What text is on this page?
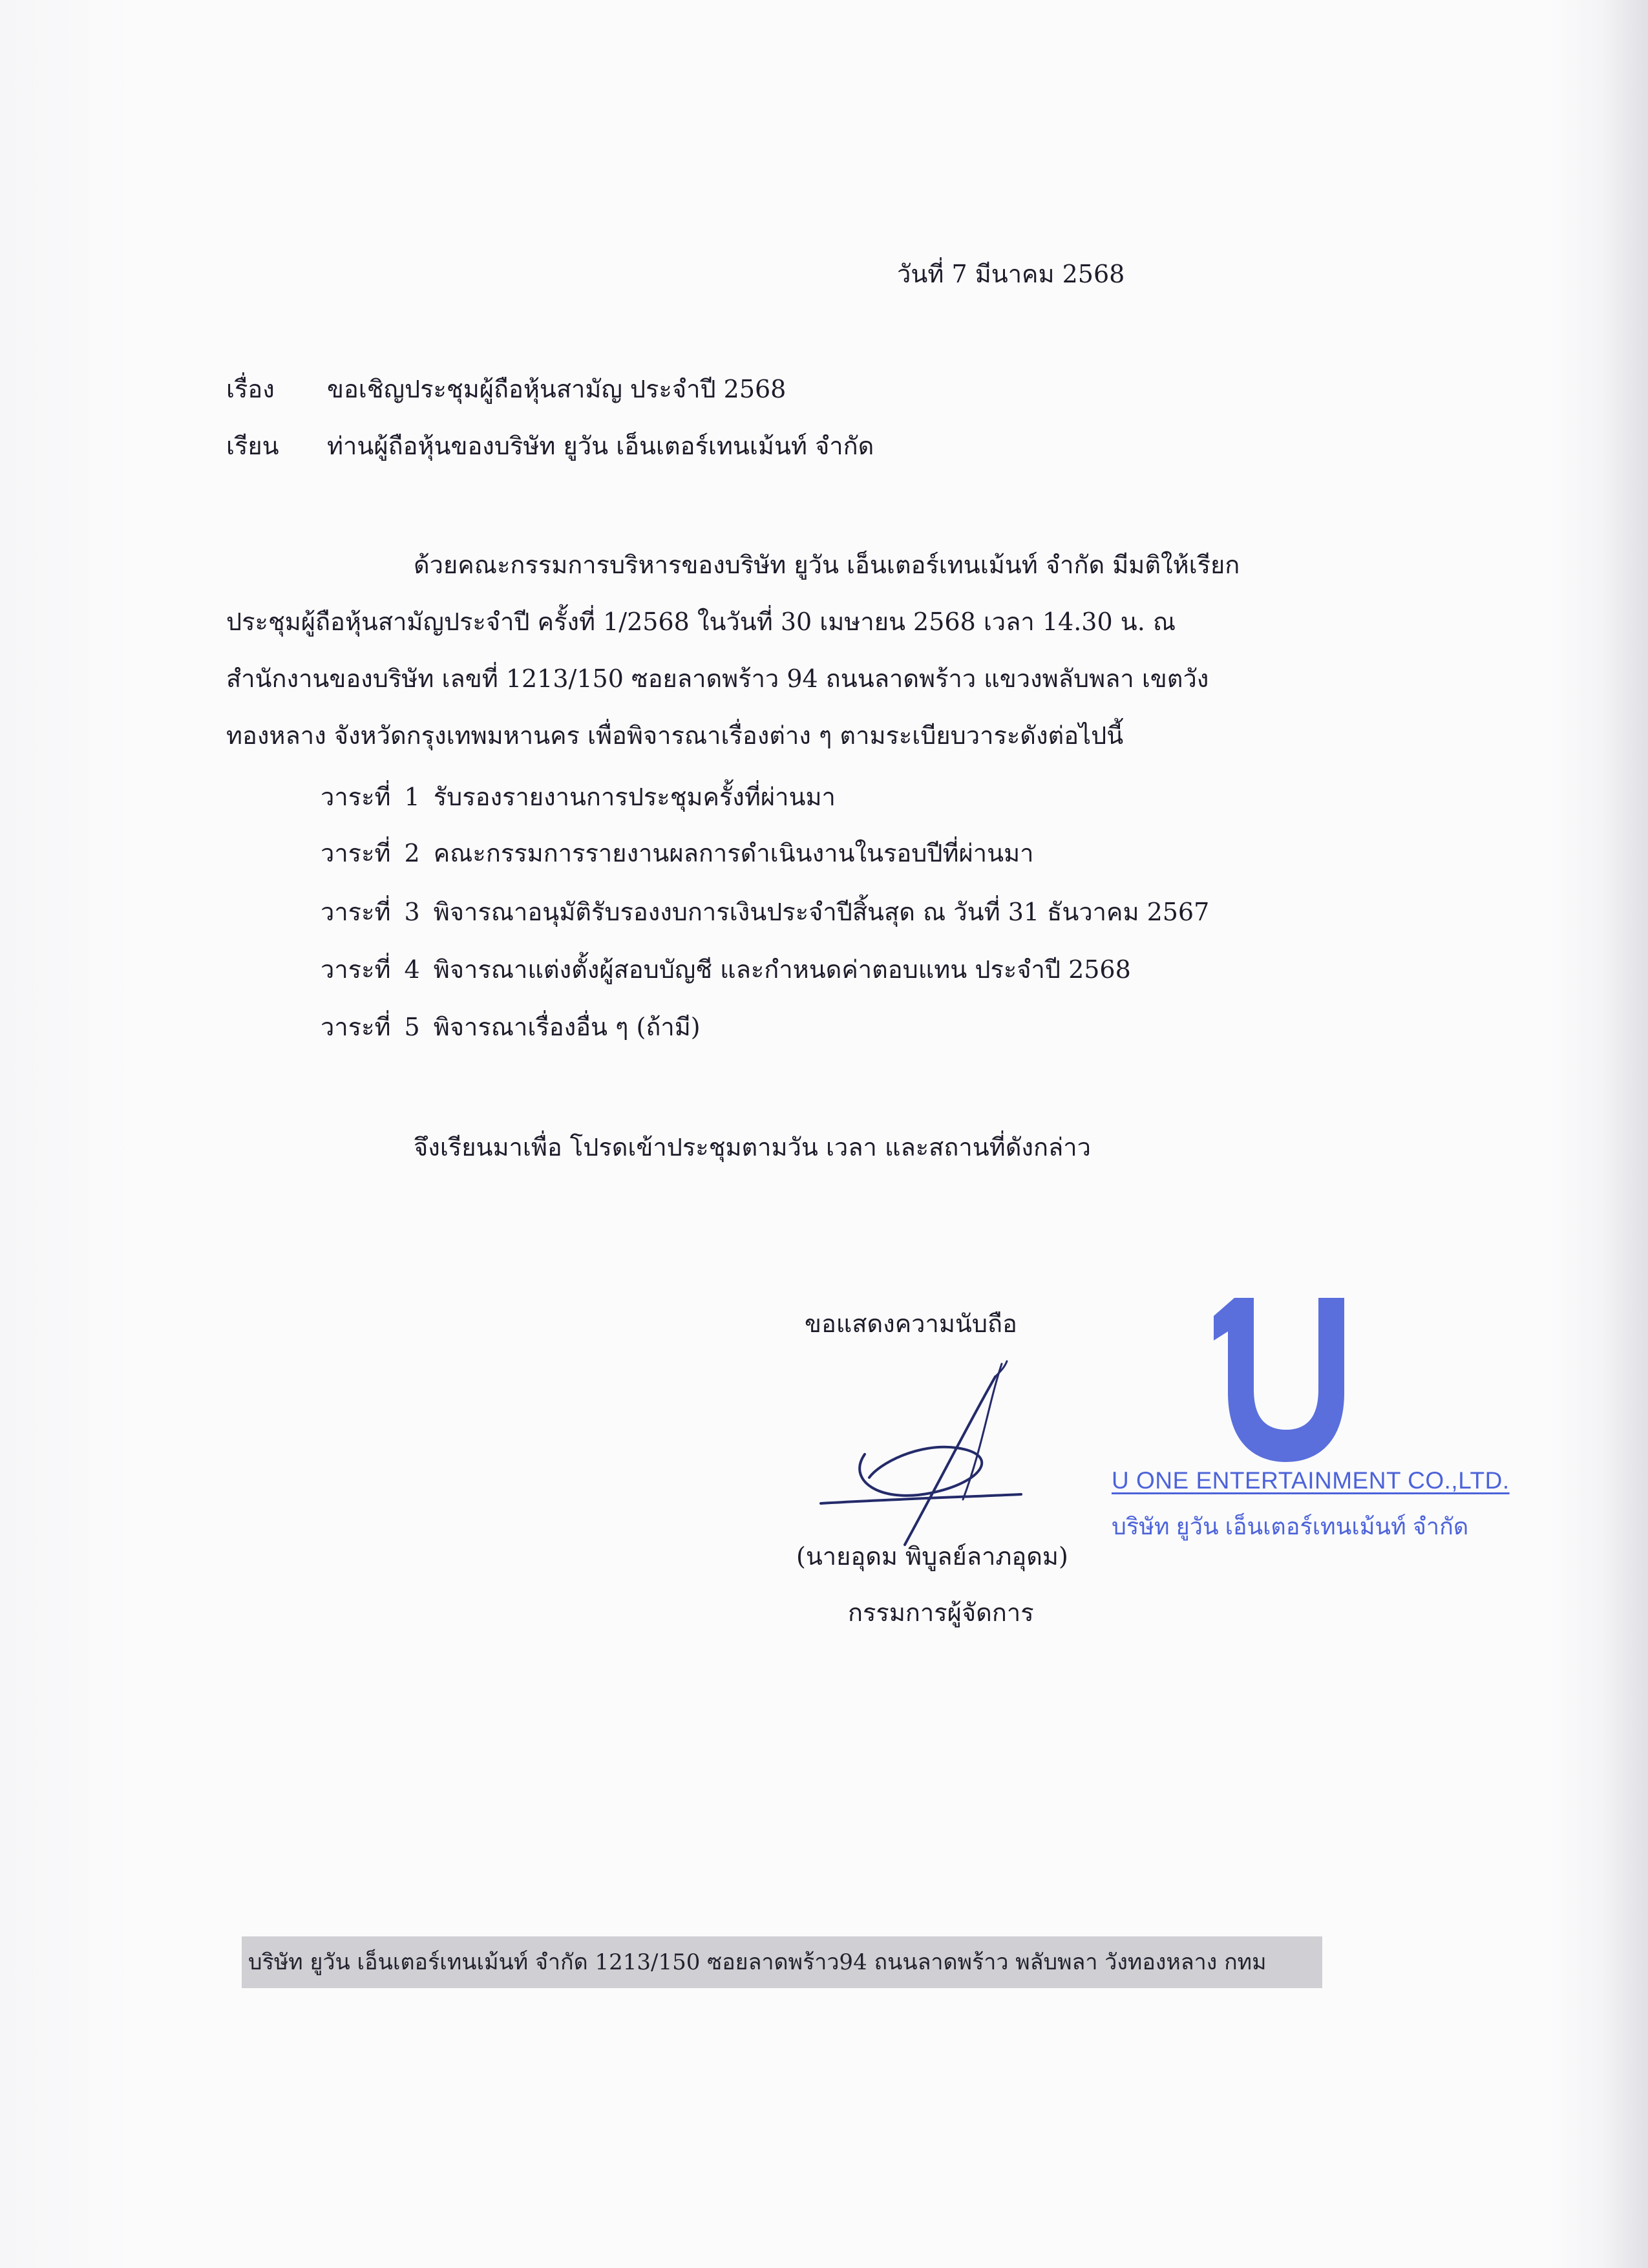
วันที่ 7 มีนาคม 2568
เรื่อง ขอเชิญประชุมผู้ถือหุ้นสามัญ ประจำปี 2568
เรียน ท่านผู้ถือหุ้นของบริษัท ยูวัน เอ็นเตอร์เทนเม้นท์ จำกัด
ด้วยคณะกรรมการบริหารของบริษัท ยูวัน เอ็นเตอร์เทนเม้นท์ จำกัด มีมติให้เรียก
ประชุมผู้ถือหุ้นสามัญประจำปี ครั้งที่ 1/2568 ในวันที่ 30 เมษายน 2568 เวลา 14.30 น. ณ
สำนักงานของบริษัท เลขที่ 1213/150 ซอยลาดพร้าว 94 ถนนลาดพร้าว แขวงพลับพลา เขตวัง
ทองหลาง จังหวัดกรุงเทพมหานคร เพื่อพิจารณาเรื่องต่าง ๆ ตามระเบียบวาระดังต่อไปนี้
วาระที่ 1 รับรองรายงานการประชุมครั้งที่ผ่านมา
วาระที่ 2 คณะกรรมการรายงานผลการดำเนินงานในรอบปีที่ผ่านมา
วาระที่ 3 พิจารณาอนุมัติรับรองงบการเงินประจำปีสิ้นสุด ณ วันที่ 31 ธันวาคม 2567
วาระที่ 4 พิจารณาแต่งตั้งผู้สอบบัญชี และกำหนดค่าตอบแทน ประจำปี 2568
วาระที่ 5 พิจารณาเรื่องอื่น ๆ (ถ้ามี)
จึงเรียนมาเพื่อ โปรดเข้าประชุมตามวัน เวลา และสถานที่ดังกล่าว
ขอแสดงความนับถือ
(นายอุดม พิบูลย์ลาภอุดม)
กรรมการผู้จัดการ
U ONE ENTERTAINMENT CO.,LTD.
บริษัท ยูวัน เอ็นเตอร์เทนเม้นท์ จำกัด
บริษัท ยูวัน เอ็นเตอร์เทนเม้นท์ จำกัด 1213/150 ซอยลาดพร้าว94 ถนนลาดพร้าว พลับพลา วังทองหลาง กทม
